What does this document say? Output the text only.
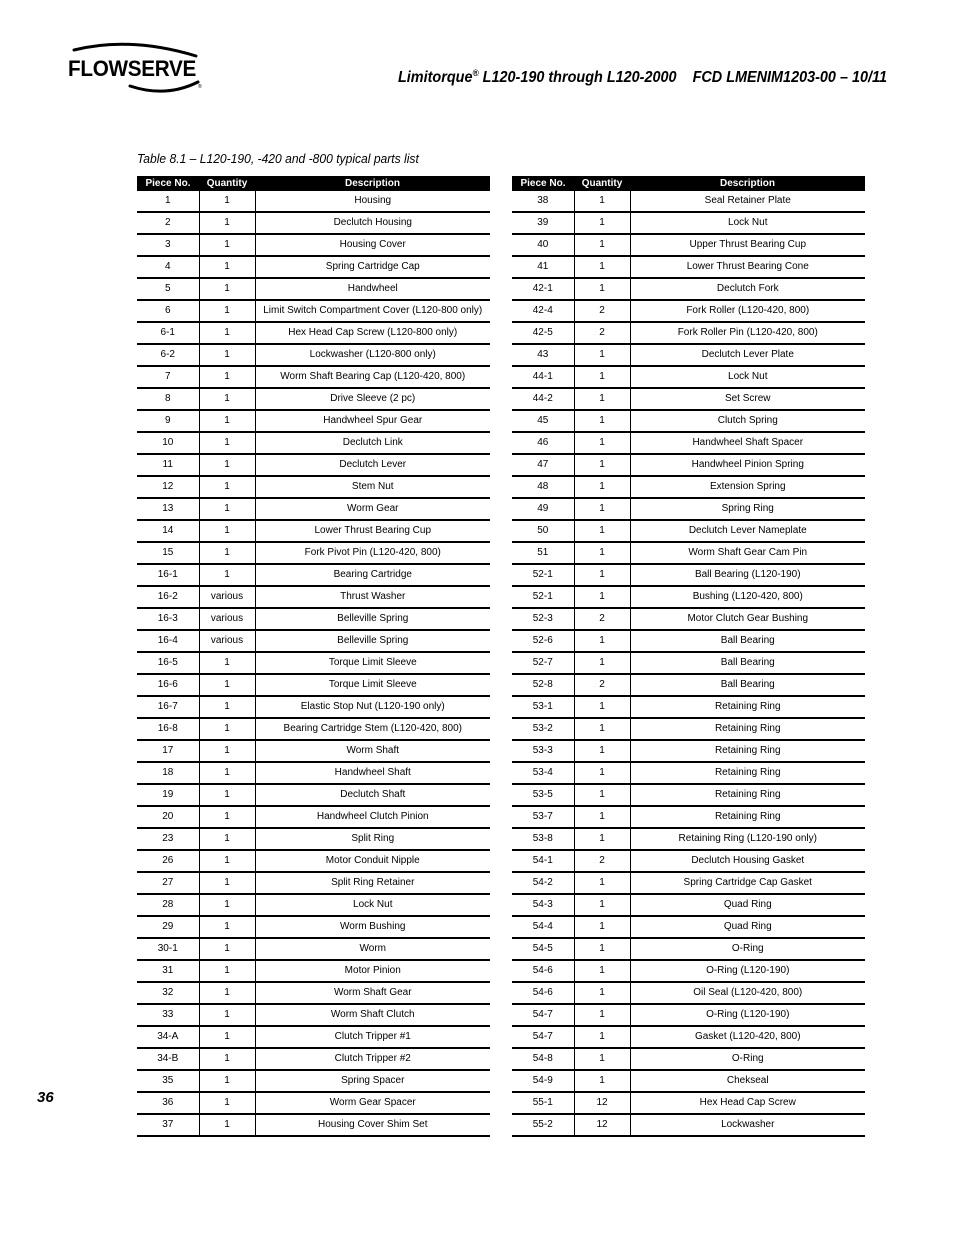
FLOWSERVE
®
Limitorque® L120-190 through L120-2000    FCD LMENIM1203-00 – 10/11
Table 8.1 – L120-190, -420 and -800 typical parts list
Piece No.	Quantity	Description
1	1	Housing
2	1	Declutch Housing
3	1	Housing Cover
4	1	Spring Cartridge Cap
5	1	Handwheel
6	1	Limit Switch Compartment Cover (L120-800 only)
6-1	1	Hex Head Cap Screw (L120-800 only)
6-2	1	Lockwasher (L120-800 only)
7	1	Worm Shaft Bearing Cap (L120-420, 800)
8	1	Drive Sleeve (2 pc)
9	1	Handwheel Spur Gear
10	1	Declutch Link
11	1	Declutch Lever
12	1	Stem Nut
13	1	Worm Gear
14	1	Lower Thrust Bearing Cup
15	1	Fork Pivot Pin (L120-420, 800)
16-1	1	Bearing Cartridge
16-2	various	Thrust Washer
16-3	various	Belleville Spring
16-4	various	Belleville Spring
16-5	1	Torque Limit Sleeve
16-6	1	Torque Limit Sleeve
16-7	1	Elastic Stop Nut (L120-190 only)
16-8	1	Bearing Cartridge Stem (L120-420, 800)
17	1	Worm Shaft
18	1	Handwheel Shaft
19	1	Declutch Shaft
20	1	Handwheel Clutch Pinion
23	1	Split Ring
26	1	Motor Conduit Nipple
27	1	Split Ring Retainer
28	1	Lock Nut
29	1	Worm Bushing
30-1	1	Worm
31	1	Motor Pinion
32	1	Worm Shaft Gear
33	1	Worm Shaft Clutch
34-A	1	Clutch Tripper #1
34-B	1	Clutch Tripper #2
35	1	Spring Spacer
36	1	Worm Gear Spacer
37	1	Housing Cover Shim Set
Piece No.	Quantity	Description
38	1	Seal Retainer Plate
39	1	Lock Nut
40	1	Upper Thrust Bearing Cup
41	1	Lower Thrust Bearing Cone
42-1	1	Declutch Fork
42-4	2	Fork Roller (L120-420, 800)
42-5	2	Fork Roller Pin (L120-420, 800)
43	1	Declutch Lever Plate
44-1	1	Lock Nut
44-2	1	Set Screw
45	1	Clutch Spring
46	1	Handwheel Shaft Spacer
47	1	Handwheel Pinion Spring
48	1	Extension Spring
49	1	Spring Ring
50	1	Declutch Lever Nameplate
51	1	Worm Shaft Gear Cam Pin
52-1	1	Ball Bearing (L120-190)
52-1	1	Bushing (L120-420, 800)
52-3	2	Motor Clutch Gear Bushing
52-6	1	Ball Bearing
52-7	1	Ball Bearing
52-8	2	Ball Bearing
53-1	1	Retaining Ring
53-2	1	Retaining Ring
53-3	1	Retaining Ring
53-4	1	Retaining Ring
53-5	1	Retaining Ring
53-7	1	Retaining Ring
53-8	1	Retaining Ring (L120-190 only)
54-1	2	Declutch Housing Gasket
54-2	1	Spring Cartridge Cap Gasket
54-3	1	Quad Ring
54-4	1	Quad Ring
54-5	1	O-Ring
54-6	1	O-Ring (L120-190)
54-6	1	Oil Seal (L120-420, 800)
54-7	1	O-Ring (L120-190)
54-7	1	Gasket (L120-420, 800)
54-8	1	O-Ring
54-9	1	Chekseal
55-1	12	Hex Head Cap Screw
55-2	12	Lockwasher
36
